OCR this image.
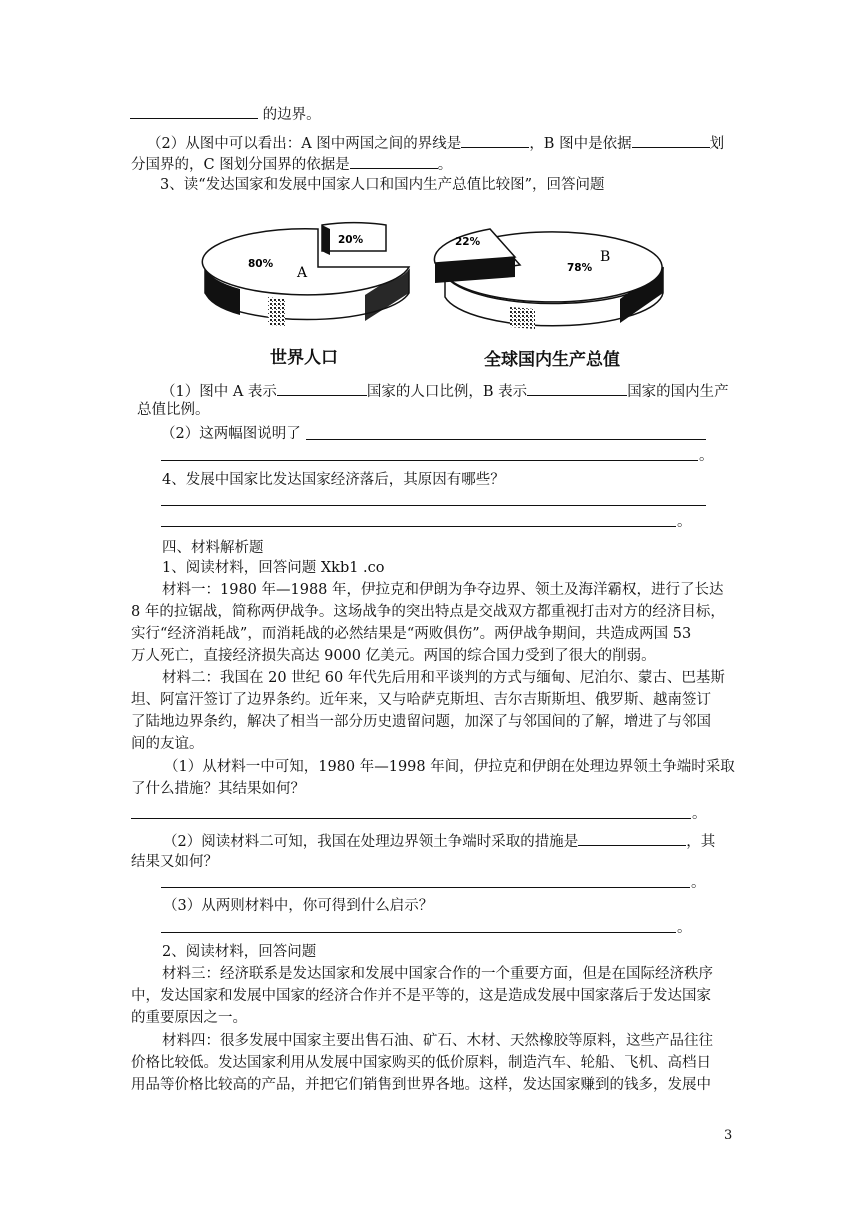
的边界。
（2）从图中可以看出：A 图中两国之间的界线是	，B 图中是依据	划
分国界的，C 图划分国界的依据是	。
3、读“发达国家和发展中国家人口和国内生产总值比较图”，回答问题
20%
80%
A
22%
78%
B
世界人口	全球国内生产总值
（1）图中 A 表示	国家的人口比例，B 表示	国家的国内生产
总值比例。
（2）这两幅图说明了
。
4、发展中国家比发达国家经济落后，其原因有哪些？
。
四、材料解析题
1、阅读材料，回答问题 Xkb1 .co
材料一：1980 年—1988 年，伊拉克和伊朗为争夺边界、领土及海洋霸权，进行了长达
8 年的拉锯战，简称两伊战争。这场战争的突出特点是交战双方都重视打击对方的经济目标，
实行“经济消耗战”，而消耗战的必然结果是“两败俱伤”。两伊战争期间，共造成两国 53
万人死亡，直接经济损失高达 9000 亿美元。两国的综合国力受到了很大的削弱。
材料二：我国在 20 世纪 60 年代先后用和平谈判的方式与缅甸、尼泊尔、蒙古、巴基斯
坦、阿富汗签订了边界条约。近年来，又与哈萨克斯坦、吉尔吉斯斯坦、俄罗斯、越南签订
了陆地边界条约，解决了相当一部分历史遗留问题，加深了与邻国间的了解，增进了与邻国
间的友谊。
（1）从材料一中可知，1980 年—1998 年间，伊拉克和伊朗在处理边界领土争端时采取
了什么措施？其结果如何？
。
（2）阅读材料二可知，我国在处理边界领土争端时采取的措施是	，其
结果又如何？
。
（3）从两则材料中，你可得到什么启示？
。
2、阅读材料，回答问题
材料三：经济联系是发达国家和发展中国家合作的一个重要方面，但是在国际经济秩序
中，发达国家和发展中国家的经济合作并不是平等的，这是造成发展中国家落后于发达国家
的重要原因之一。
材料四：很多发展中国家主要出售石油、矿石、木材、天然橡胶等原料，这些产品往往
价格比较低。发达国家利用从发展中国家购买的低价原料，制造汽车、轮船、飞机、高档日
用品等价格比较高的产品，并把它们销售到世界各地。这样，发达国家赚到的钱多，发展中
3
